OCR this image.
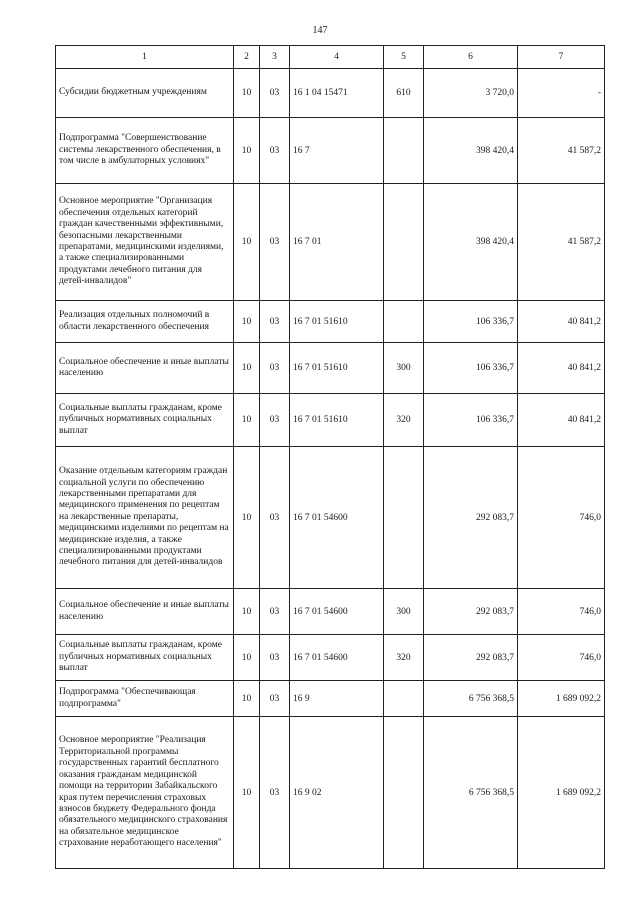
147
1	2	3	4	5	6	7
Субсидии бюджетным учреждениям	10	03	16 1 04 15471	610	3 720,0	-
Подпрограмма "Совершенствование системы лекарственного обеспечения, в том числе в амбулаторных условиях"	10	03	16 7		398 420,4	41 587,2
Основное мероприятие "Организация обеспечения отдельных категорий граждан качественными эффективными, безопасными лекарственными препаратами, медицинскими изделиями, а также специализированными продуктами лечебного питания для детей-инвалидов"	10	03	16 7 01		398 420,4	41 587,2
Реализация отдельных полномочий в области лекарственного обеспечения	10	03	16 7 01 51610		106 336,7	40 841,2
Социальное обеспечение и иные выплаты населению	10	03	16 7 01 51610	300	106 336,7	40 841,2
Социальные выплаты гражданам, кроме публичных нормативных социальных выплат	10	03	16 7 01 51610	320	106 336,7	40 841,2
Оказание отдельным категориям граждан социальной услуги по обеспечению лекарственными препаратами для медицинского применения по рецептам на лекарственные препараты, медицинскими изделиями по рецептам на медицинские изделия, а также специализированными продуктами лечебного питания для детей-инвалидов	10	03	16 7 01 54600		292 083,7	746,0
Социальное обеспечение и иные выплаты населению	10	03	16 7 01 54600	300	292 083,7	746,0
Социальные выплаты гражданам, кроме публичных нормативных социальных выплат	10	03	16 7 01 54600	320	292 083,7	746,0
Подпрограмма "Обеспечивающая подпрограмма"	10	03	16 9		6 756 368,5	1 689 092,2
Основное мероприятие "Реализация Территориальной программы государственных гарантий бесплатного оказания гражданам медицинской помощи на территории Забайкальского края путем перечисления страховых взносов бюджету Федерального фонда обязательного медицинского страхования на обязательное медицинское страхование неработающего населения"	10	03	16 9 02		6 756 368,5	1 689 092,2
